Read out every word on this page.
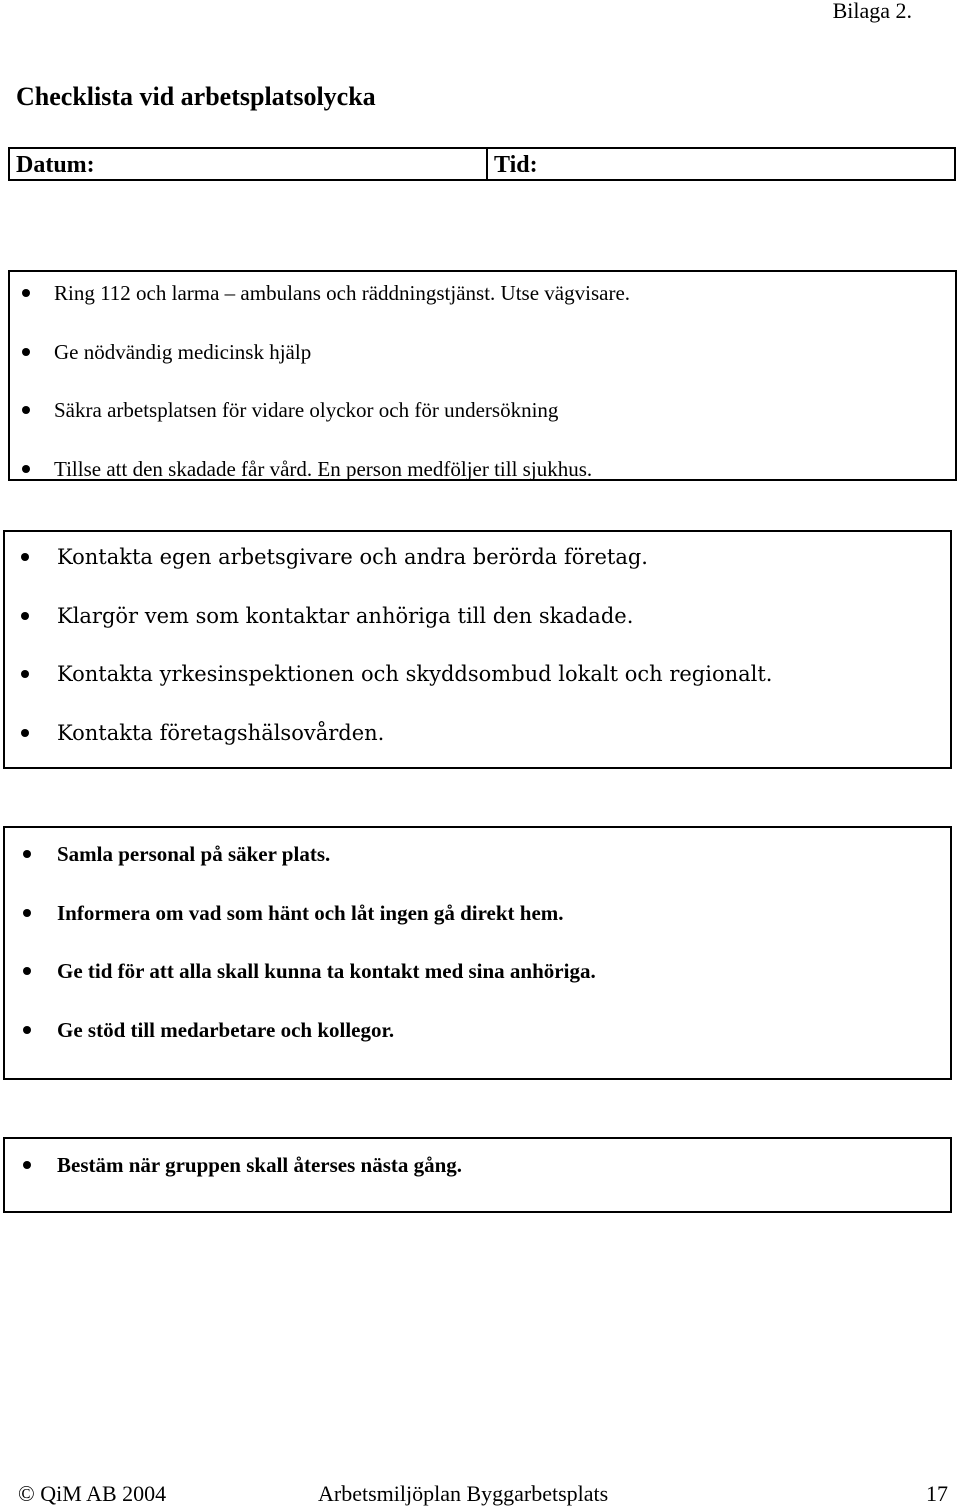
Bilaga 2.
Checklista vid arbetsplatsolycka
Datum:	Tid:
Ring 112 och larma – ambulans och räddningstjänst. Utse vägvisare.
Ge nödvändig medicinsk hjälp
Säkra arbetsplatsen för vidare olyckor och för undersökning
Tillse att den skadade får vård. En person medföljer till sjukhus.
Kontakta egen arbetsgivare och andra berörda företag.
Klargör vem som kontaktar anhöriga till den skadade.
Kontakta yrkesinspektionen och skyddsombud lokalt och regionalt.
Kontakta företagshälsovården.
Samla personal på säker plats.
Informera om vad som hänt och låt ingen gå direkt hem.
Ge tid för att alla skall kunna ta kontakt med sina anhöriga.
Ge stöd till medarbetare och kollegor.
Bestäm när gruppen skall återses nästa gång.
© QiM AB 2004	Arbetsmiljöplan Byggarbetsplats	17
